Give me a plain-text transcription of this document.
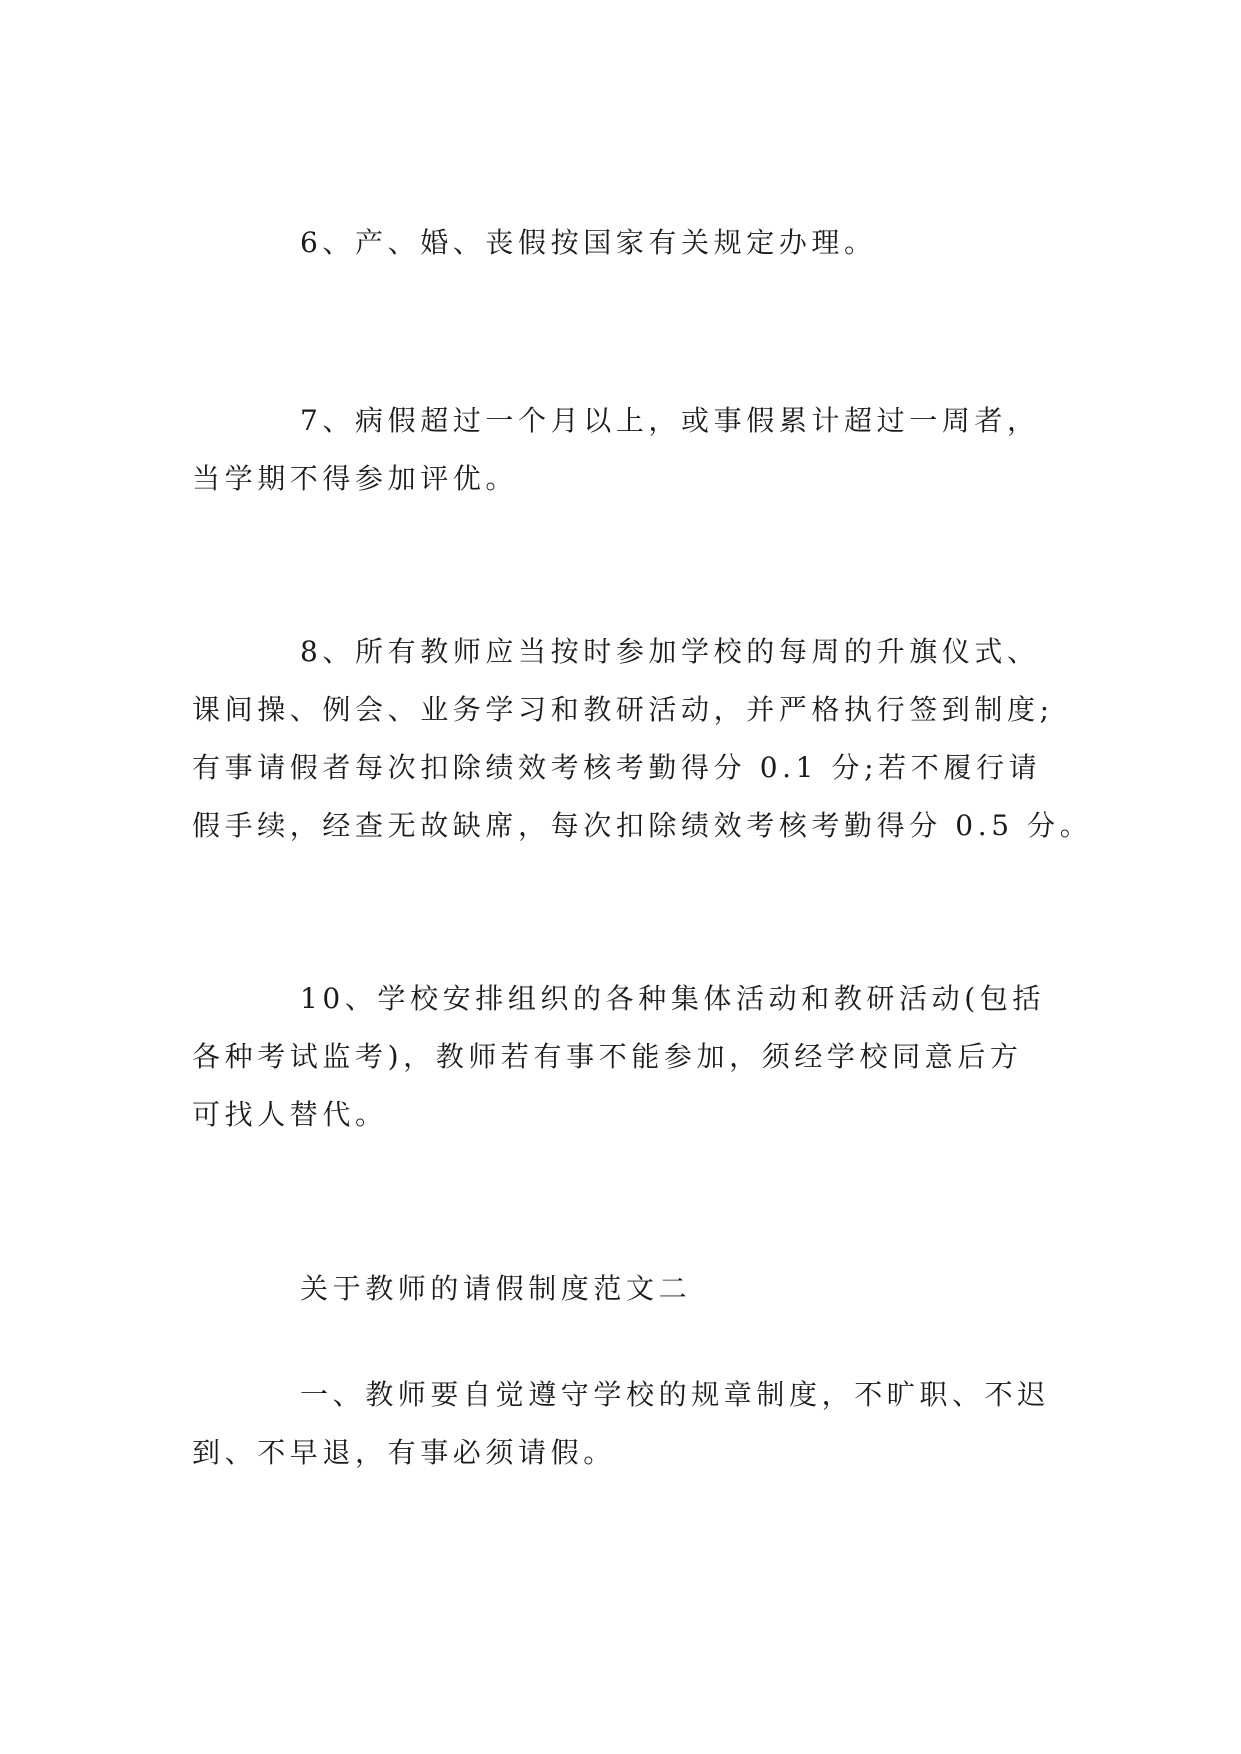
6、产、婚、丧假按国家有关规定办理。
7、病假超过一个月以上，或事假累计超过一周者，
当学期不得参加评优。
8、所有教师应当按时参加学校的每周的升旗仪式、
课间操、例会、业务学习和教研活动，并严格执行签到制度;
有事请假者每次扣除绩效考核考勤得分 0.1 分;若不履行请
假手续，经查无故缺席，每次扣除绩效考核考勤得分 0.5 分。
10、学校安排组织的各种集体活动和教研活动(包括
各种考试监考)，教师若有事不能参加，须经学校同意后方
可找人替代。
关于教师的请假制度范文二
一、教师要自觉遵守学校的规章制度，不旷职、不迟
到、不早退，有事必须请假。
